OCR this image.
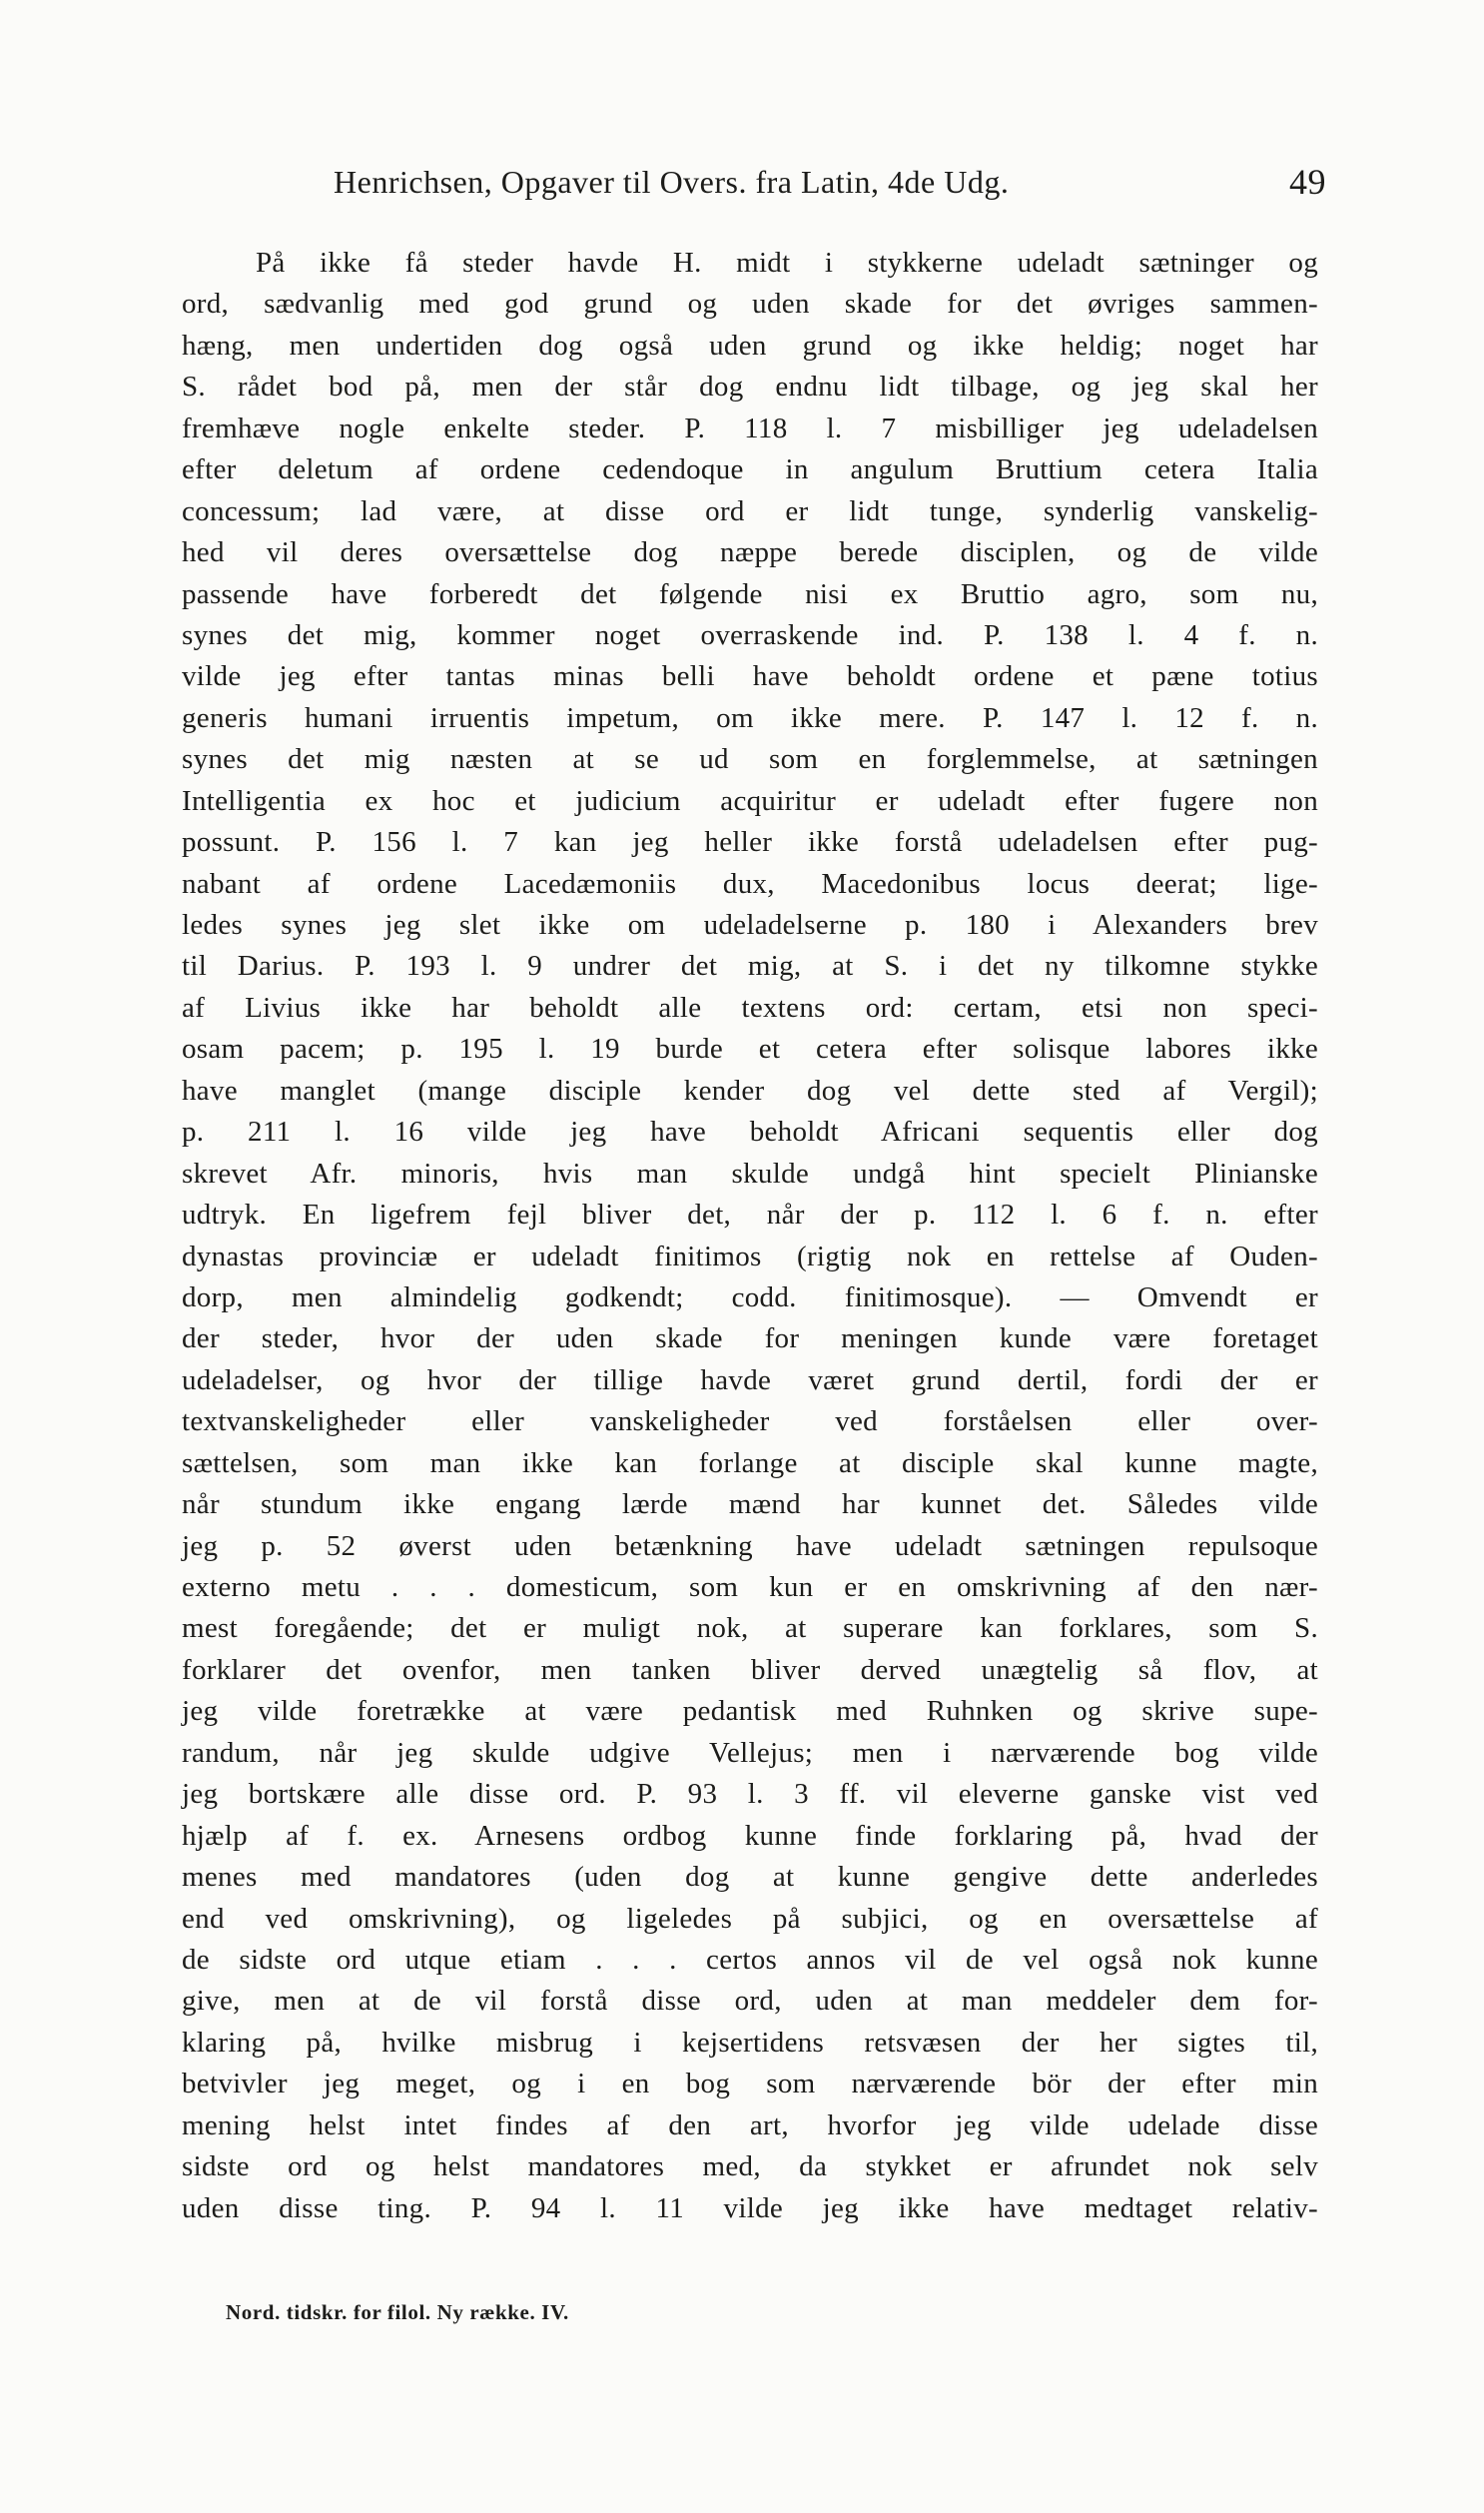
Henrichsen, Opgaver til Overs. fra Latin, 4de Udg.	49
På ikke få steder havde H. midt i stykkerne udeladt sætninger og
ord, sædvanlig med god grund og uden skade for det øvriges sammen-
hæng, men undertiden dog også uden grund og ikke heldig; noget har
S. rådet bod på, men der står dog endnu lidt tilbage, og jeg skal her
fremhæve nogle enkelte steder. P. 118 l. 7 misbilliger jeg udeladelsen
efter deletum af ordene cedendoque in angulum Bruttium cetera Italia
concessum; lad være, at disse ord er lidt tunge, synderlig vanskelig-
hed vil deres oversættelse dog næppe berede disciplen, og de vilde
passende have forberedt det følgende nisi ex Bruttio agro, som nu,
synes det mig, kommer noget overraskende ind. P. 138 l. 4 f. n.
vilde jeg efter tantas minas belli have beholdt ordene et pæne totius
generis humani irruentis impetum, om ikke mere. P. 147 l. 12 f. n.
synes det mig næsten at se ud som en forglemmelse, at sætningen
Intelligentia ex hoc et judicium acquiritur er udeladt efter fugere non
possunt. P. 156 l. 7 kan jeg heller ikke forstå udeladelsen efter pug-
nabant af ordene Lacedæmoniis dux, Macedonibus locus deerat; lige-
ledes synes jeg slet ikke om udeladelserne p. 180 i Alexanders brev
til Darius. P. 193 l. 9 undrer det mig, at S. i det ny tilkomne stykke
af Livius ikke har beholdt alle textens ord: certam, etsi non speci-
osam pacem; p. 195 l. 19 burde et cetera efter solisque labores ikke
have manglet (mange disciple kender dog vel dette sted af Vergil);
p. 211 l. 16 vilde jeg have beholdt Africani sequentis eller dog
skrevet Afr. minoris, hvis man skulde undgå hint specielt Plinianske
udtryk. En ligefrem fejl bliver det, når der p. 112 l. 6 f. n. efter
dynastas provinciæ er udeladt finitimos (rigtig nok en rettelse af Ouden-
dorp, men almindelig godkendt; codd. finitimosque). — Omvendt er
der steder, hvor der uden skade for meningen kunde være foretaget
udeladelser, og hvor der tillige havde været grund dertil, fordi der er
textvanskeligheder eller vanskeligheder ved forståelsen eller over-
sættelsen, som man ikke kan forlange at disciple skal kunne magte,
når stundum ikke engang lærde mænd har kunnet det. Således vilde
jeg p. 52 øverst uden betænkning have udeladt sætningen repulsoque
externo metu . . . domesticum, som kun er en omskrivning af den nær-
mest foregående; det er muligt nok, at superare kan forklares, som S.
forklarer det ovenfor, men tanken bliver derved unægtelig så flov, at
jeg vilde foretrække at være pedantisk med Ruhnken og skrive supe-
randum, når jeg skulde udgive Vellejus; men i nærværende bog vilde
jeg bortskære alle disse ord. P. 93 l. 3 ff. vil eleverne ganske vist ved
hjælp af f. ex. Arnesens ordbog kunne finde forklaring på, hvad der
menes med mandatores (uden dog at kunne gengive dette anderledes
end ved omskrivning), og ligeledes på subjici, og en oversættelse af
de sidste ord utque etiam . . . certos annos vil de vel også nok kunne
give, men at de vil forstå disse ord, uden at man meddeler dem for-
klaring på, hvilke misbrug i kejsertidens retsvæsen der her sigtes til,
betvivler jeg meget, og i en bog som nærværende bör der efter min
mening helst intet findes af den art, hvorfor jeg vilde udelade disse
sidste ord og helst mandatores med, da stykket er afrundet nok selv
uden disse ting. P. 94 l. 11 vilde jeg ikke have medtaget relativ-
Nord. tidskr. for filol. Ny række. IV.
